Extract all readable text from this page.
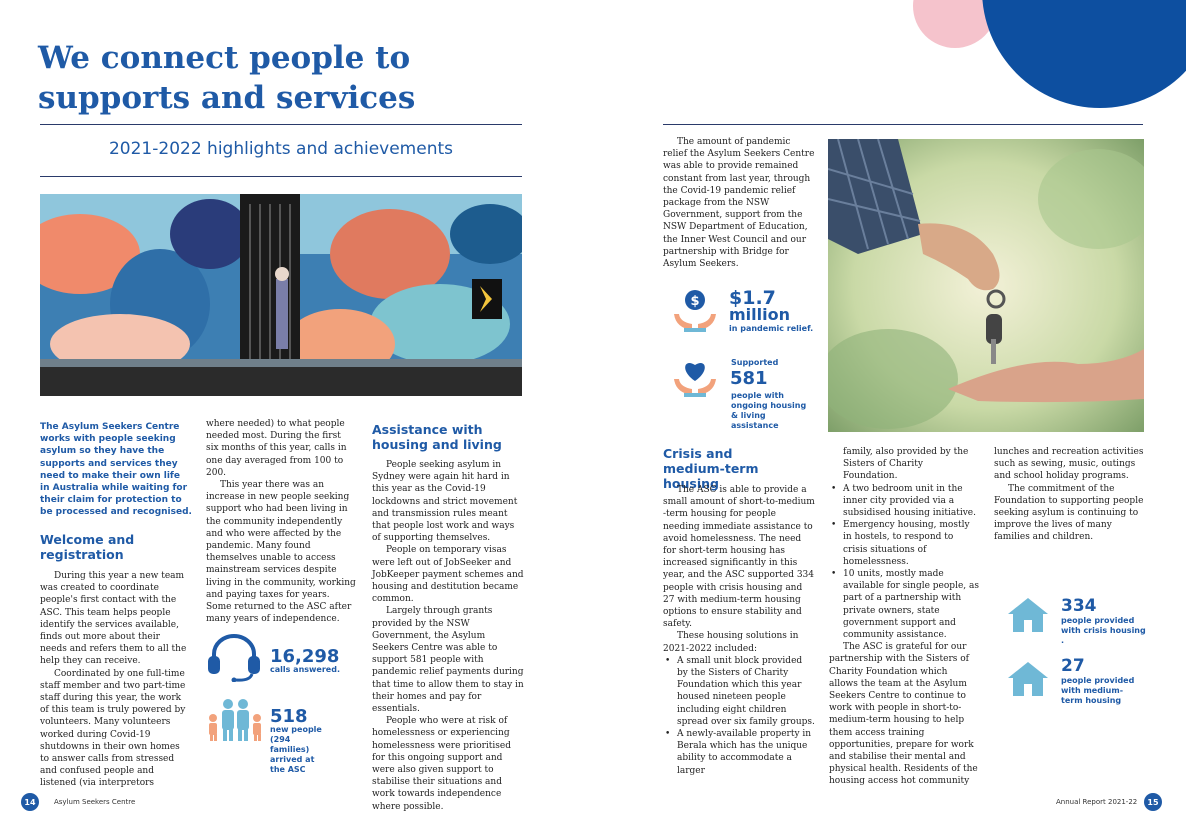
We connect people to
supports and services
2021-2022 highlights and achievements
The Asylum Seekers Centre works with people seeking asylum so they have the supports and services they need to make their own life in Australia while waiting for their claim for protection to be processed and recognised.
Welcome and registration

During this year a new team was created to coordinate people's first contact with the ASC. This team helps people identify the services available, finds out more about their needs and refers them to all the help they can receive.

Coordinated by one full-time staff member and two part-time staff during this year, the work of this team is truly powered by volunteers. Many volunteers worked during Covid-19 shutdowns in their own homes to answer calls from stressed and confused people and listened (via interpretors

where needed) to what people needed most. During the first six months of this year, calls in one day averaged from 100 to 200.

This year there was an increase in new people seeking support who had been living in the community independently and who were affected by the pandemic. Many found themselves unable to access mainstream services despite living in the community, working and paying taxes for years. Some returned to the ASC after many years of independence.

16,298
calls answered.
518
new people (294 families) arrived at the ASC
Assistance with housing and living

People seeking asylum in Sydney were again hit hard in this year as the Covid-19 lockdowns and strict movement and transmission rules meant that people lost work and ways of supporting themselves.

People on temporary visas were left out of JobSeeker and JobKeeper payment schemes and housing and destitution became common.

Largely through grants provided by the NSW Government, the Asylum Seekers Centre was able to support 581 people with pandemic relief payments during that time to allow them to stay in their homes and pay for essentials.

People who were at risk of homelessness or experiencing homelessness were prioritised for this ongoing support and were also given support to stabilise their situations and work towards independence where possible.

14	Asylum Seekers Centre

The amount of pandemic relief the Asylum Seekers Centre was able to provide remained constant from last year, through the Covid-19 pandemic relief package from the NSW Government, support from the NSW Department of Education, the Inner West Council and our partnership with Bridge for Asylum Seekers.

$ $1.7
million
in pandemic relief.
Supported
581
people with ongoing housing & living assistance
Crisis and medium-term housing

The ASC is able to provide a small amount of short-to-medium -term housing for people needing immediate assistance to avoid homelessness. The need for short-term housing has increased significantly in this year, and the ASC supported 334 people with crisis housing and 27 with medium-term housing options to ensure stability and safety.

These housing solutions in 2021-2022 included:

• A small unit block provided by the Sisters of Charity Foundation which this year housed nineteen people including eight children spread over six family groups.
• A newly-available property in Berala which has the unique ability to accommodate a larger

family, also provided by the Sisters of Charity Foundation.

• A two bedroom unit in the inner city provided via a subsidised housing initiative.
• Emergency housing, mostly in hostels, to respond to crisis situations of homelessness.
• 10 units, mostly made available for single people, as part of a partnership with private owners, state government support and community assistance.

The ASC is grateful for our partnership with the Sisters of Charity Foundation which allows the team at the Asylum Seekers Centre to continue to work with people in short-to-medium-term housing to help them access training opportunities, prepare for work and stabilise their mental and physical health. Residents of the housing access hot community

lunches and recreation activities such as sewing, music, outings and school holiday programs.

The commitment of the Foundation to supporting people seeking asylum is continuing to improve the lives of many families and children.

334
people provided with crisis housing .
27
people provided with medium-term housing
Annual Report 2021-22	15
